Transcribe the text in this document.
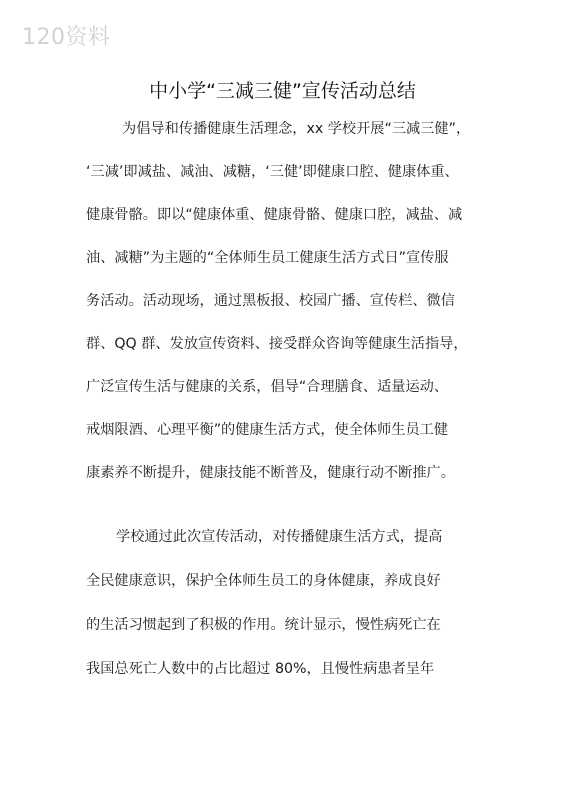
120资料
中小学“三减三健”宣传活动总结
为倡导和传播健康生活理念，xx 学校开展“三减三健”，
‘三减’即减盐、减油、减糖，‘三健’即健康口腔、健康体重、
健康骨骼。即以“健康体重、健康骨骼、健康口腔，减盐、减
油、减糖”为主题的“全体师生员工健康生活方式日”宣传服
务活动。活动现场，通过黑板报、校园广播、宣传栏、微信
群、QQ 群、发放宣传资料、接受群众咨询等健康生活指导，
广泛宣传生活与健康的关系，倡导“合理膳食、适量运动、
戒烟限酒、心理平衡”的健康生活方式，使全体师生员工健
康素养不断提升，健康技能不断普及，健康行动不断推广。
学校通过此次宣传活动，对传播健康生活方式，提高
全民健康意识，保护全体师生员工的身体健康，养成良好
的生活习惯起到了积极的作用。统计显示，慢性病死亡在
我国总死亡人数中的占比超过 80%，且慢性病患者呈年
